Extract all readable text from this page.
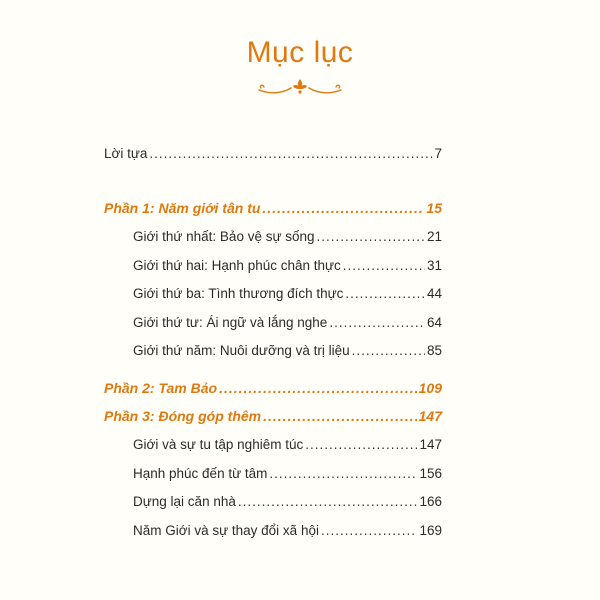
Mục lục
Lời tựa .....	7
Phần 1: Năm giới tân tu .....	15
Giới thứ nhất: Bảo vệ sự sống .....	21
Giới thứ hai: Hạnh phúc chân thực .....	31
Giới thứ ba: Tình thương đích thực .....	44
Giới thứ tư: Ái ngữ và lắng nghe .....	64
Giới thứ năm: Nuôi dưỡng và trị liệu .....	85
Phần 2: Tam Bảo .....	109
Phần 3: Đóng góp thêm .....	147
Giới và sự tu tập nghiêm túc .....	147
Hạnh phúc đến từ tâm .....	156
Dựng lại căn nhà .....	166
Năm Giới và sự thay đổi xã hội .....	169
